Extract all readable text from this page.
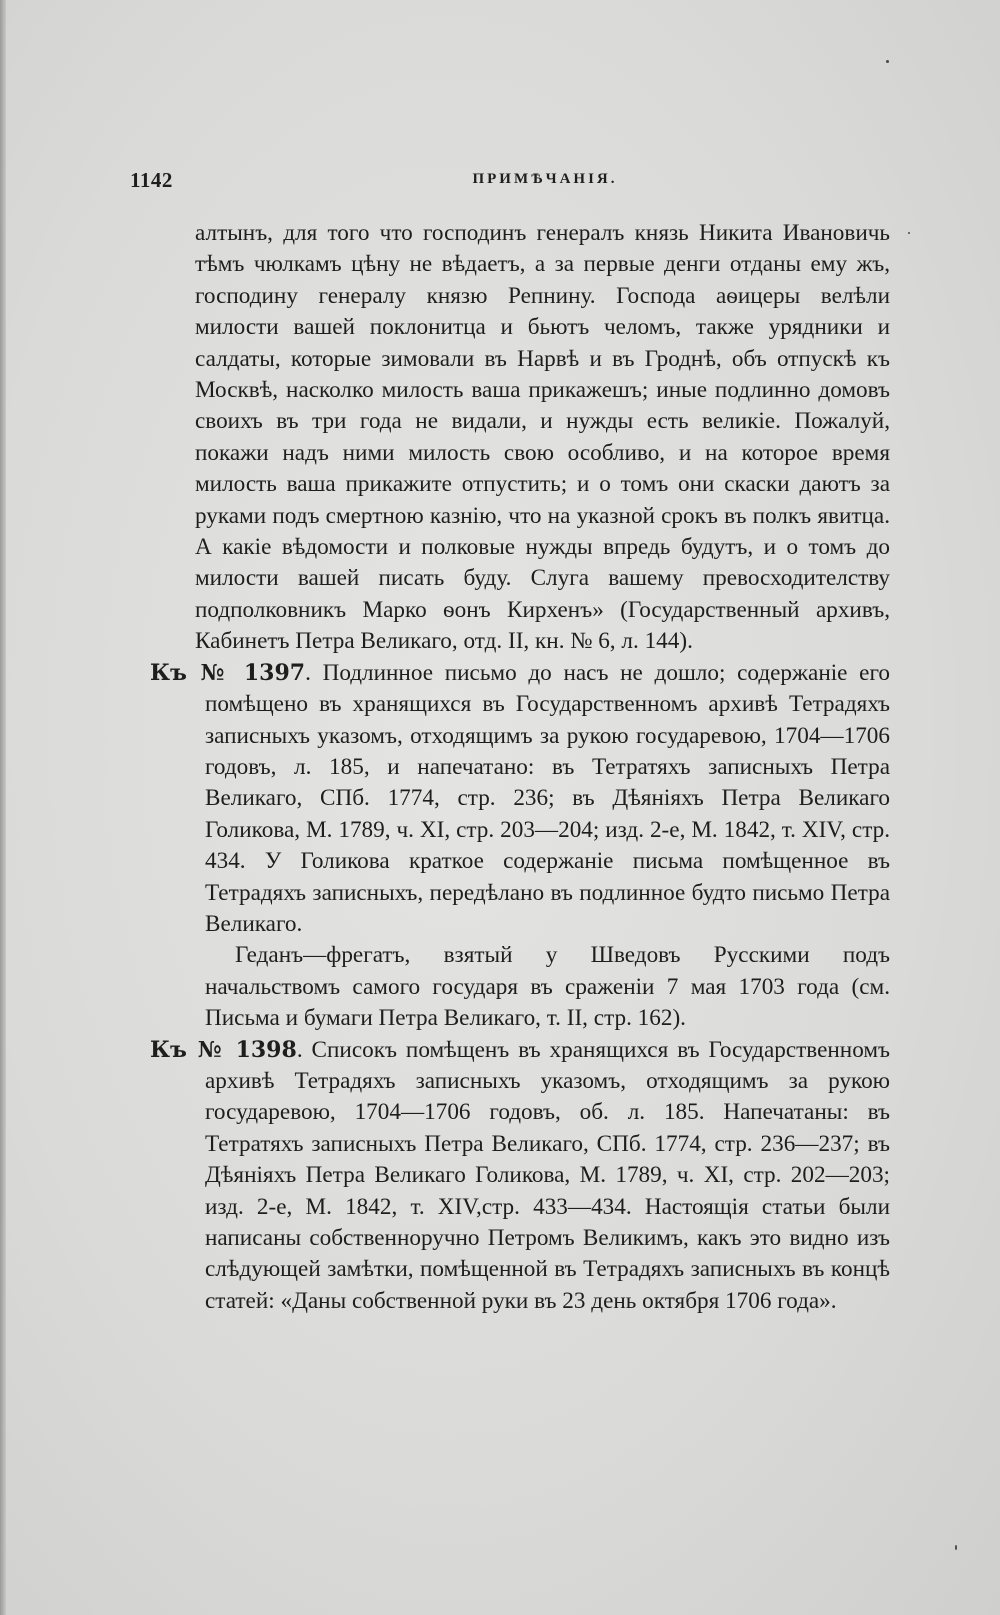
1142	ПРИМѢЧАНІЯ.

алтынъ, для того что господинъ генералъ князь Никита Ивановичь тѣмъ чюлкамъ цѣну не вѣдаетъ, а за первые денги отданы ему жъ, господину генералу князю Репнину. Господа аѳицеры велѣли милости вашей поклонитца и бьютъ челомъ, также урядники и салдаты, которые зимовали въ Нарвѣ и въ Гроднѣ, объ отпускѣ къ Москвѣ, насколко милость ваша прикажешъ; иные подлинно домовъ своихъ въ три года не видали, и нужды есть великіе. Пожалуй, покажи надъ ними милость свою особливо, и на которое время милость ваша прикажите отпустить; и о томъ они скаски даютъ за руками подъ смертною казнію, что на указной срокъ въ полкъ явитца. А какіе вѣдомости и полковые нужды впредь будутъ, и о томъ до милости вашей писать буду. Слуга вашему превосходителству подполковникъ Марко ѳонъ Кирхенъ» (Государственный архивъ, Кабинетъ Петра Великаго, отд. II, кн. № 6, л. 144).

Къ № 1397. Подлинное письмо до насъ не дошло; содержаніе его помѣщено въ хранящихся въ Государственномъ архивѣ Тетрадяхъ записныхъ указомъ, отходящимъ за рукою государевою, 1704—1706 годовъ, л. 185, и напечатано: въ Тетратяхъ записныхъ Петра Великаго, СПб. 1774, стр. 236; въ Дѣяніяхъ Петра Великаго Голикова, М. 1789, ч. XI, стр. 203—204; изд. 2-е, М. 1842, т. XIV, стр. 434. У Голикова краткое содержаніе письма помѣщенное въ Тетрадяхъ записныхъ, передѣлано въ подлинное будто письмо Петра Великаго.

Геданъ—фрегатъ, взятый у Шведовъ Русскими подъ начальствомъ самого государя въ сраженіи 7 мая 1703 года (см. Письма и бумаги Петра Великаго, т. II, стр. 162).

Къ № 1398. Списокъ помѣщенъ въ хранящихся въ Государственномъ архивѣ Тетрадяхъ записныхъ указомъ, отходящимъ за рукою государевою, 1704—1706 годовъ, об. л. 185. Напечатаны: въ Тетратяхъ записныхъ Петра Великаго, СПб. 1774, стр. 236—237; въ Дѣяніяхъ Петра Великаго Голикова, М. 1789, ч. XI, стр. 202—203; изд. 2-е, М. 1842, т. XIV,стр. 433—434. Настоящія статьи были написаны собственноручно Петромъ Великимъ, какъ это видно изъ слѣдующей замѣтки, помѣщенной въ Тетрадяхъ записныхъ въ концѣ статей: «Даны собственной руки въ 23 день октября 1706 года».
